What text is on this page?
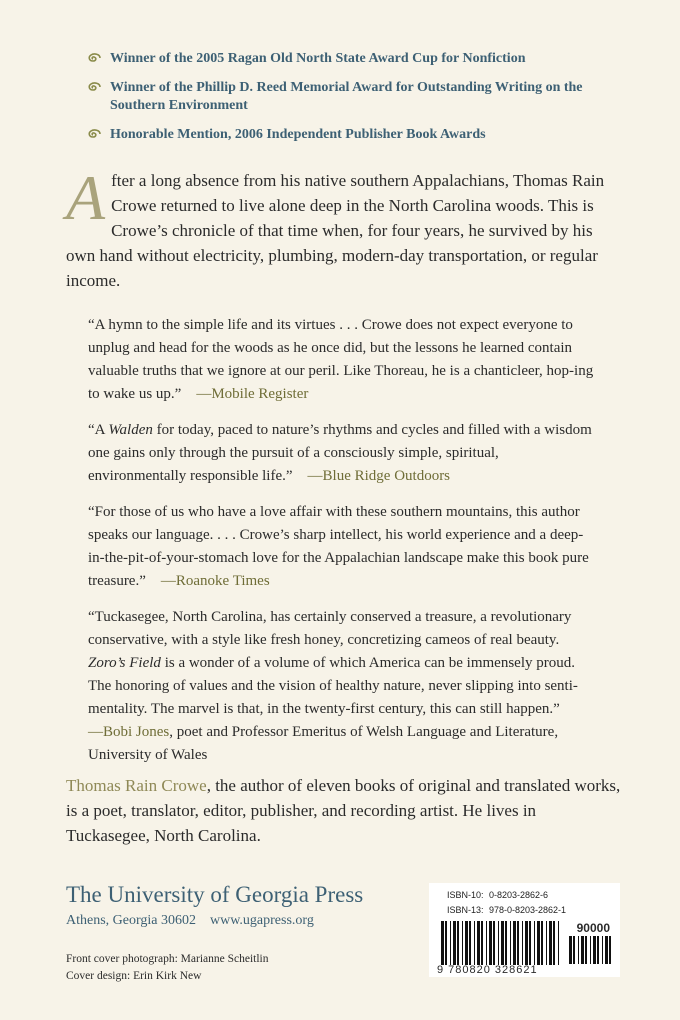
Winner of the 2005 Ragan Old North State Award Cup for Nonfiction
Winner of the Phillip D. Reed Memorial Award for Outstanding Writing on the Southern Environment
Honorable Mention, 2006 Independent Publisher Book Awards
After a long absence from his native southern Appalachians, Thomas Rain Crowe returned to live alone deep in the North Carolina woods. This is Crowe’s chronicle of that time when, for four years, he survived by his own hand without electricity, plumbing, modern-day transportation, or regular income.

“A hymn to the simple life and its virtues . . . Crowe does not expect everyone to unplug and head for the woods as he once did, but the lessons he learned contain valuable truths that we ignore at our peril. Like Thoreau, he is a chanticleer, hop-ing to wake us up.” —Mobile Register

“A Walden for today, paced to nature’s rhythms and cycles and filled with a wisdom one gains only through the pursuit of a consciously simple, spiritual, environmentally responsible life.” —Blue Ridge Outdoors

“For those of us who have a love affair with these southern mountains, this author speaks our language. . . . Crowe’s sharp intellect, his world experience and a deep-in-the-pit-of-your-stomach love for the Appalachian landscape make this book pure treasure.” —Roanoke Times

“Tuckasegee, North Carolina, has certainly conserved a treasure, a revolutionary conservative, with a style like fresh honey, concretizing cameos of real beauty. Zoro’s Field is a wonder of a volume of which America can be immensely proud. The honoring of values and the vision of healthy nature, never slipping into senti-mentality. The marvel is that, in the twenty-first century, this can still happen.”
—Bobi Jones, poet and Professor Emeritus of Welsh Language and Literature, University of Wales

Thomas Rain Crowe, the author of eleven books of original and translated works, is a poet, translator, editor, publisher, and recording artist. He lives in Tuckasegee, North Carolina.
The University of Georgia Press
Athens, Georgia 30602 www.ugapress.org
Front cover photograph: Marianne Scheitlin
Cover design: Erin Kirk New
ISBN-10: 0-8203-2862-6
ISBN-13: 978-0-8203-2862-1
90000
9 780820 328621
